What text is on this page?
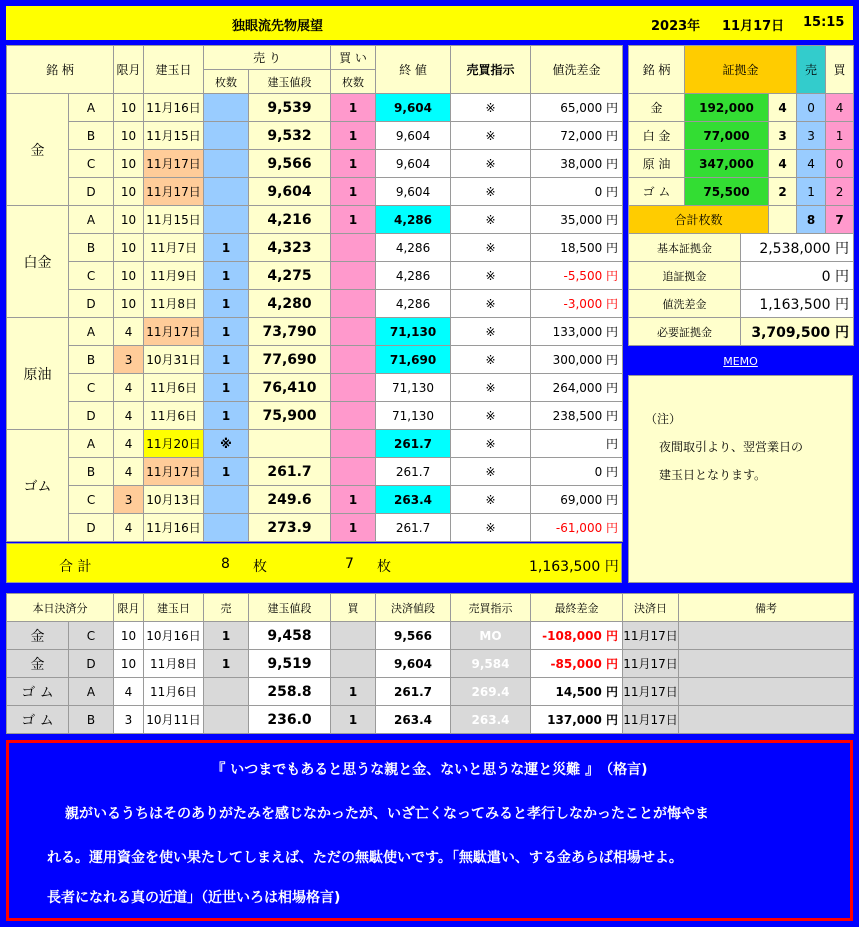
独眼流先物展望	2023年 11月17日 15:15
銘 柄		限月	建玉日	売 り		買 い	終 値	売買指示	値洗差金
				枚数	建玉値段	枚数			
金	A	10	11月16日		9,539	1	9,604	※	65,000 円
	B	10	11月15日		9,532	1	9,604	※	72,000 円
	C	10	11月17日		9,566	1	9,604	※	38,000 円
	D	10	11月17日		9,604	1	9,604	※	0 円
白金	A	10	11月15日		4,216	1	4,286	※	35,000 円
	B	10	11月7日	1	4,323		4,286	※	18,500 円
	C	10	11月9日	1	4,275		4,286	※	-5,500 円
	D	10	11月8日	1	4,280		4,286	※	-3,000 円
原油	A	4	11月17日	1	73,790		71,130	※	133,000 円
	B	3	10月31日	1	77,690		71,690	※	300,000 円
	C	4	11月6日	1	76,410		71,130	※	264,000 円
	D	4	11月6日	1	75,900		71,130	※	238,500 円
ゴム	A	4	11月20日	※			261.7	※	円
	B	4	11月17日	1	261.7		261.7	※	0 円
	C	3	10月13日		249.6	1	263.4	※	69,000 円
	D	4	11月16日		273.9	1	261.7	※	-61,000 円
合 計	8 枚	7 枚	1,163,500 円
銘 柄	証拠金			売	買
金	192,000		4	0	4
白 金	77,000		3	3	1
原 油	347,000		4	4	0
ゴ ム	75,500		2	1	2
合計枚数				8	7
基本証拠金		2,538,000 円			
追証拠金		0 円			
値洗差金		1,163,500 円			
必要証拠金		3,709,500 円			
MEMO

（注）

夜間取引より、翌営業日の

建玉日となります。

本日決済分		限月	建玉日	売	建玉値段	買	決済値段	売買指示	最終差金	決済日	備考
金	C	10	10月16日	1	9,458		9,566	MO	-108,000 円	11月17日	
金	D	10	11月8日	1	9,519		9,604	9,584	-85,000 円	11月17日	
ゴ ム	A	4	11月6日		258.8	1	261.7	269.4	14,500 円	11月17日	
ゴ ム	B	3	10月11日		236.0	1	263.4	263.4	137,000 円	11月17日	

『 いつまでもあると思うな親と金、ないと思うな運と災難 』　（格言)

親がいるうちはそのありがたみを感じなかったが、いざ亡くなってみると孝行しなかったことが悔やま

れる。運用資金を使い果たしてしまえば、ただの無駄使いです。「無駄遣い、する金あらば相場せよ。

長者になれる真の近道」（近世いろは相場格言)
